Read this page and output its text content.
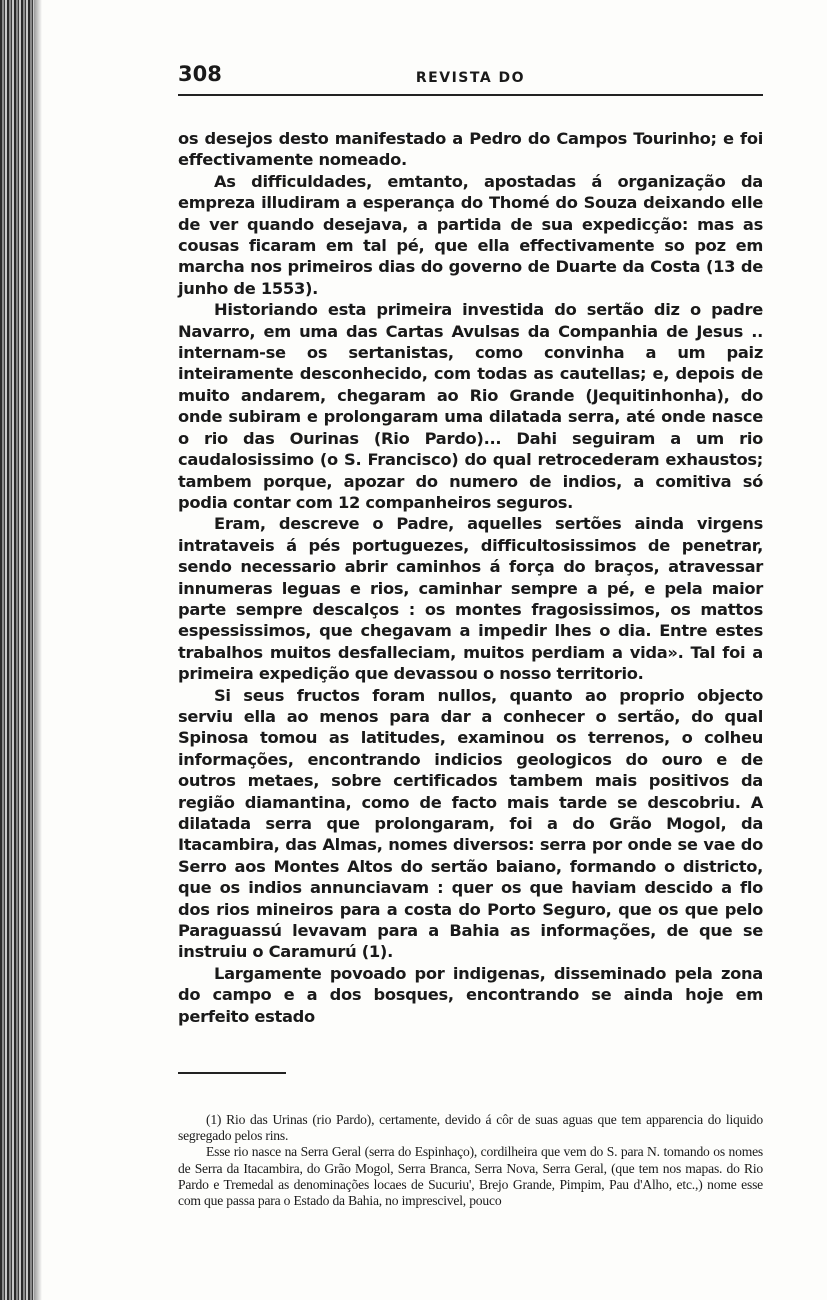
308	REVISTA DO

os desejos desto manifestado a Pedro do Campos Tourinho; e foi effectivamente nomeado.

As difficuldades, emtanto, apostadas á organização da empreza illudiram a esperança do Thomé do Souza deixando elle de ver quando desejava, a partida de sua expedicção: mas as cousas ficaram em tal pé, que ella effectivamente so poz em marcha nos primeiros dias do governo de Duarte da Costa (13 de junho de 1553).

Historiando esta primeira investida do sertão diz o padre Navarro, em uma das Cartas Avulsas da Companhia de Jesus .. internam-se os sertanistas, como convinha a um paiz inteiramente desconhecido, com todas as cautellas; e, depois de muito andarem, chegaram ao Rio Grande (Jequitinhonha), do onde subiram e prolongaram uma dilatada serra, até onde nasce o rio das Ourinas (Rio Pardo)... Dahi seguiram a um rio caudalosissimo (o S. Francisco) do qual retrocederam exhaustos; tambem porque, apozar do numero de indios, a comitiva só podia contar com 12 companheiros seguros.

Eram, descreve o Padre, aquelles sertões ainda virgens intrataveis á pés portuguezes, difficultosissimos de penetrar, sendo necessario abrir caminhos á força do braços, atravessar innumeras leguas e rios, caminhar sempre a pé, e pela maior parte sempre descalços : os montes fragosissimos, os mattos espessissimos, que chegavam a impedir lhes o dia. Entre estes trabalhos muitos desfalleciam, muitos perdiam a vida». Tal foi a primeira expedição que devassou o nosso territorio.

Si seus fructos foram nullos, quanto ao proprio objecto serviu ella ao menos para dar a conhecer o sertão, do qual Spinosa tomou as latitudes, examinou os terrenos, o colheu informações, encontrando indicios geologicos do ouro e de outros metaes, sobre certificados tambem mais positivos da região diamantina, como de facto mais tarde se descobriu. A dilatada serra que prolongaram, foi a do Grão Mogol, da Itacambira, das Almas, nomes diversos: serra por onde se vae do Serro aos Montes Altos do sertão baiano, formando o districto, que os indios annunciavam : quer os que haviam descido a flo dos rios mineiros para a costa do Porto Seguro, que os que pelo Paraguassú levavam para a Bahia as informações, de que se instruiu o Caramurú (1).

Largamente povoado por indigenas, disseminado pela zona do campo e a dos bosques, encontrando se ainda hoje em perfeito estado

(1) Rio das Urinas (rio Pardo), certamente, devido á côr de suas aguas que tem apparencia do liquido segregado pelos rins.

Esse rio nasce na Serra Geral (serra do Espinhaço), cordilheira que vem do S. para N. tomando os nomes de Serra da Itacambira, do Grão Mogol, Serra Branca, Serra Nova, Serra Geral, (que tem nos mapas. do Rio Pardo e Tremedal as denominações locaes de Sucuriu', Brejo Grande, Pimpim, Pau d'Alho, etc.,) nome esse com que passa para o Estado da Bahia, no imprescivel, pouco
